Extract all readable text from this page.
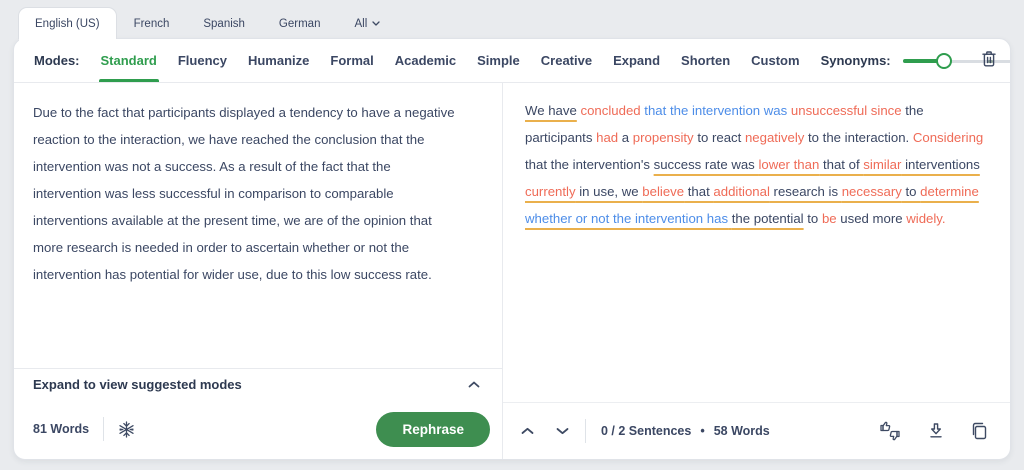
English (US)	French	Spanish	German	All
Modes: Standard Fluency Humanize Formal Academic Simple Creative Expand Shorten Custom Synonyms:
Due to the fact that participants displayed a tendency to have a negative reaction to the interaction, we have reached the conclusion that the intervention was not a success. As a result of the fact that the intervention was less successful in comparison to comparable interventions available at the present time, we are of the opinion that more research is needed in order to ascertain whether or not the intervention has potential for wider use, due to this low success rate.
Expand to view suggested modes
81 Words	Rephrase
We have concluded that the intervention was unsuccessful since the participants had a propensity to react negatively to the interaction. Considering that the intervention's success rate was lower than that of similar interventions currently in use, we believe that additional research is necessary to determine whether or not the intervention has the potential to be used more widely.
0 / 2 Sentences • 58 Words
